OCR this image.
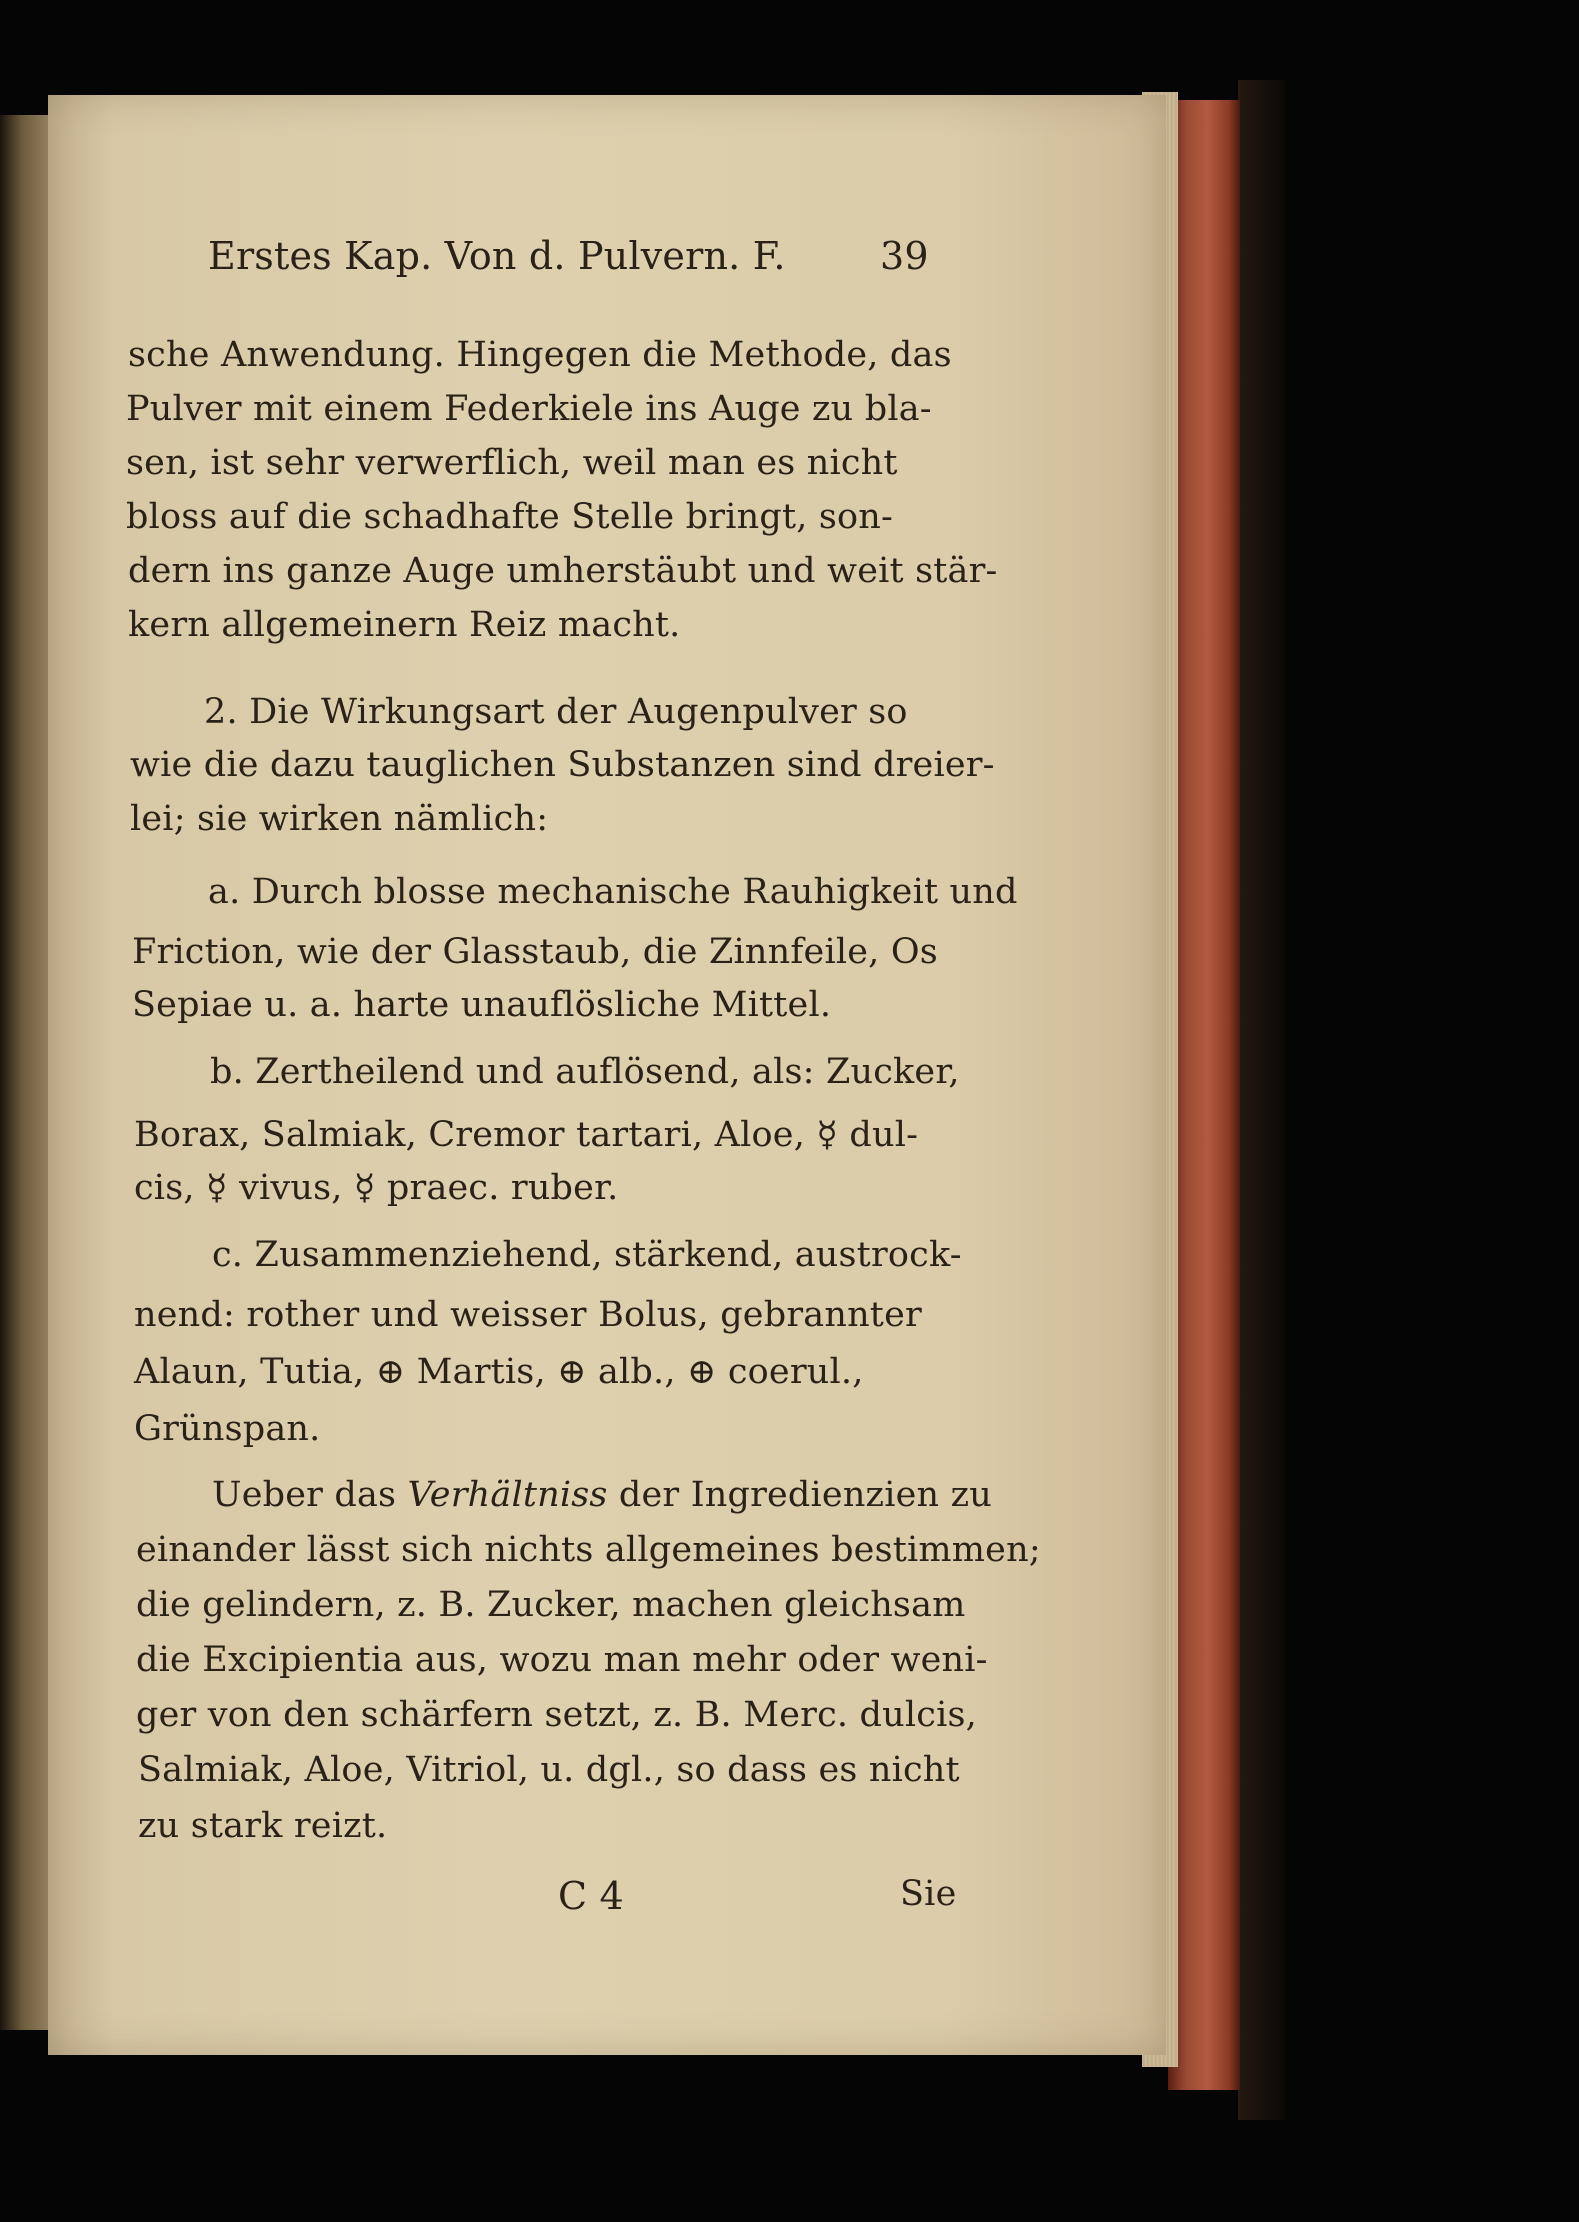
Erstes Kap. Von d. Pulvern. F. 39
sche Anwendung. Hingegen die Methode, das
Pulver mit einem Federkiele ins Auge zu bla-
sen, ist sehr verwerflich, weil man es nicht
bloss auf die schadhafte Stelle bringt, son-
dern ins ganze Auge umherstäubt und weit stär-
kern allgemeinern Reiz macht.
2. Die Wirkungsart der Augenpulver so
wie die dazu tauglichen Substanzen sind dreier-
lei; sie wirken nämlich:
a. Durch blosse mechanische Rauhigkeit und
Friction, wie der Glasstaub, die Zinnfeile, Os
Sepiae u. a. harte unauflösliche Mittel.
b. Zertheilend und auflösend, als: Zucker,
Borax, Salmiak, Cremor tartari, Aloe, ☿ dul-
cis, ☿ vivus, ☿ praec. ruber.
c. Zusammenziehend, stärkend, austrock-
nend: rother und weisser Bolus, gebrannter
Alaun, Tutia, ⊕ Martis, ⊕ alb., ⊕ coerul.,
Grünspan.
Ueber das Verhältniss der Ingredienzien zu
einander lässt sich nichts allgemeines bestimmen;
die gelindern, z. B. Zucker, machen gleichsam
die Excipientia aus, wozu man mehr oder weni-
ger von den schärfern setzt, z. B. Merc. dulcis,
Salmiak, Aloe, Vitriol, u. dgl., so dass es nicht
zu stark reizt.
C 4	Sie
